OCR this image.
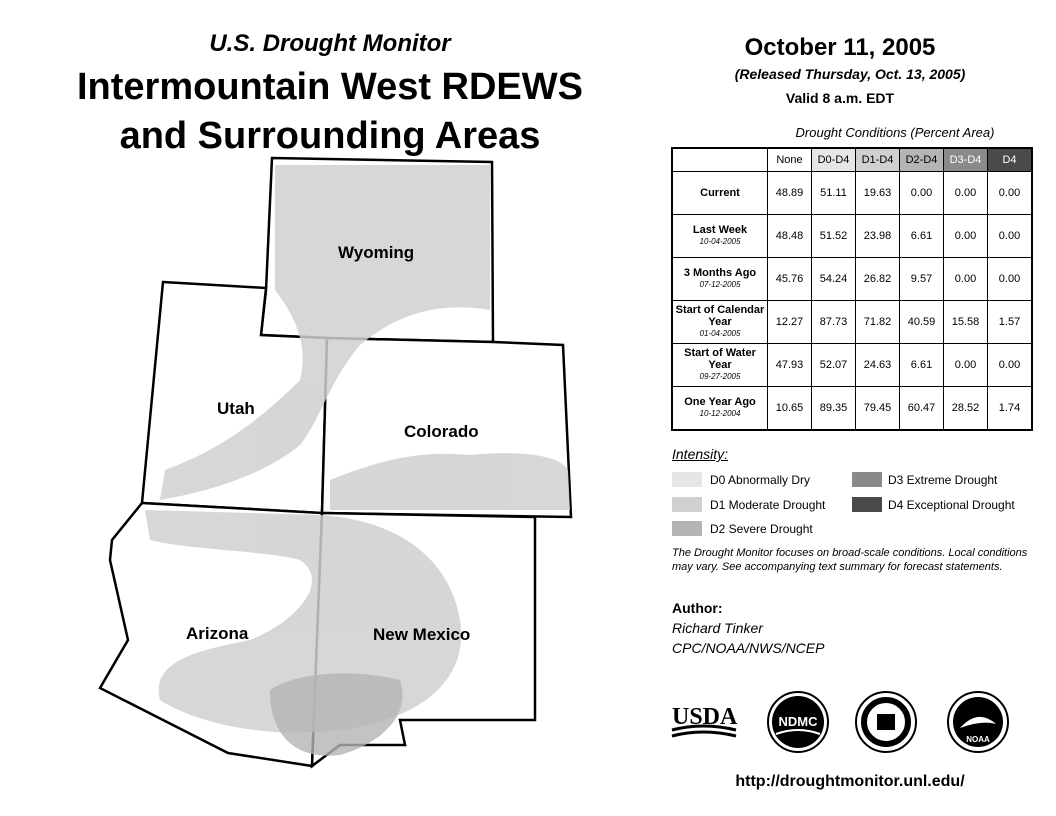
U.S. Drought Monitor
Intermountain West RDEWS
and Surrounding Areas
Wyoming
Utah
Colorado
Arizona	New Mexico
October 11, 2005
(Released Thursday, Oct. 13, 2005)
Valid 8 a.m. EDT
Drought Conditions (Percent Area)
	None	D0-D4	D1-D4	D2-D4	D3-D4	D4
Current	48.89	51.11	19.63	0.00	0.00	0.00
Last Week
10-04-2005	48.48	51.52	23.98	6.61	0.00	0.00
3 Months Ago
07-12-2005	45.76	54.24	26.82	9.57	0.00	0.00
Start of Calendar Year
01-04-2005	12.27	87.73	71.82	40.59	15.58	1.57
Start of Water Year
09-27-2005	47.93	52.07	24.63	6.61	0.00	0.00
One Year Ago
10-12-2004	10.65	89.35	79.45	60.47	28.52	1.74
Intensity:
D0 Abnormally Dry
D1 Moderate Drought
D2 Severe Drought
D3 Extreme Drought
D4 Exceptional Drought
The Drought Monitor focuses on broad-scale conditions. Local conditions may vary. See accompanying text summary for forecast statements.
Author:
Richard Tinker
CPC/NOAA/NWS/NCEP
USDA	NDMC
NOAA
http://droughtmonitor.unl.edu/
